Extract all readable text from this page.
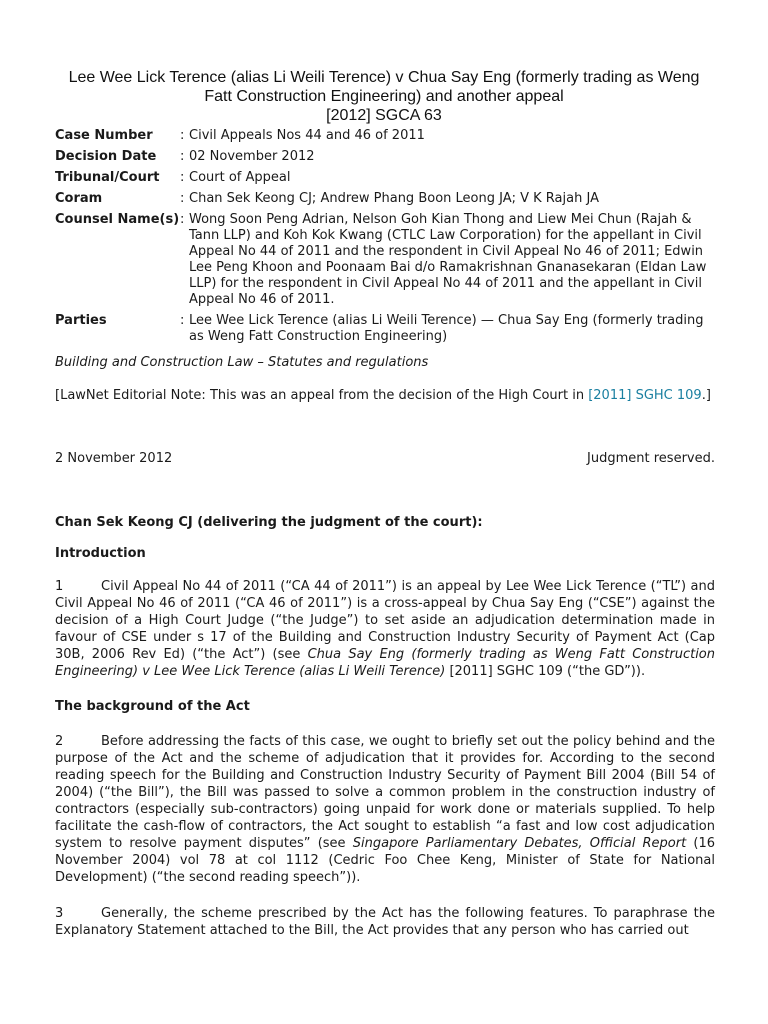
Lee Wee Lick Terence (alias Li Weili Terence) v Chua Say Eng (formerly trading as Weng
Fatt Construction Engineering) and another appeal
[2012] SGCA 63
Case Number	: Civil Appeals Nos 44 and 46 of 2011
Decision Date	: 02 November 2012
Tribunal/Court	: Court of Appeal
Coram	: Chan Sek Keong CJ; Andrew Phang Boon Leong JA; V K Rajah JA
Counsel Name(s) : Wong Soon Peng Adrian, Nelson Goh Kian Thong and Liew Mei Chun (Rajah & Tann LLP) and Koh Kok Kwang (CTLC Law Corporation) for the appellant in Civil Appeal No 44 of 2011 and the respondent in Civil Appeal No 46 of 2011; Edwin Lee Peng Khoon and Poonaam Bai d/o Ramakrishnan Gnanasekaran (Eldan Law LLP) for the respondent in Civil Appeal No 44 of 2011 and the appellant in Civil Appeal No 46 of 2011.
Parties	: Lee Wee Lick Terence (alias Li Weili Terence) — Chua Say Eng (formerly trading as Weng Fatt Construction Engineering)
Building and Construction Law – Statutes and regulations
[LawNet Editorial Note: This was an appeal from the decision of the High Court in [2011] SGHC 109.]
2 November 2012	Judgment reserved.
Chan Sek Keong CJ (delivering the judgment of the court):
Introduction
1	Civil Appeal No 44 of 2011 (“CA 44 of 2011”) is an appeal by Lee Wee Lick Terence (“TL”) and Civil Appeal No 46 of 2011 (“CA 46 of 2011”) is a cross-appeal by Chua Say Eng (“CSE”) against the decision of a High Court Judge (“the Judge”) to set aside an adjudication determination made in favour of CSE under s 17 of the Building and Construction Industry Security of Payment Act (Cap 30B, 2006 Rev Ed) (“the Act”) (see Chua Say Eng (formerly trading as Weng Fatt Construction Engineering) v Lee Wee Lick Terence (alias Li Weili Terence) [2011] SGHC 109 (“the GD”)).
The background of the Act
2	Before addressing the facts of this case, we ought to briefly set out the policy behind and the purpose of the Act and the scheme of adjudication that it provides for. According to the second reading speech for the Building and Construction Industry Security of Payment Bill 2004 (Bill 54 of 2004) (“the Bill”), the Bill was passed to solve a common problem in the construction industry of contractors (especially sub-contractors) going unpaid for work done or materials supplied. To help facilitate the cash-flow of contractors, the Act sought to establish “a fast and low cost adjudication system to resolve payment disputes” (see Singapore Parliamentary Debates, Official Report (16 November 2004) vol 78 at col 1112 (Cedric Foo Chee Keng, Minister of State for National Development) (“the second reading speech”)).
3	Generally, the scheme prescribed by the Act has the following features. To paraphrase the Explanatory Statement attached to the Bill, the Act provides that any person who has carried out
